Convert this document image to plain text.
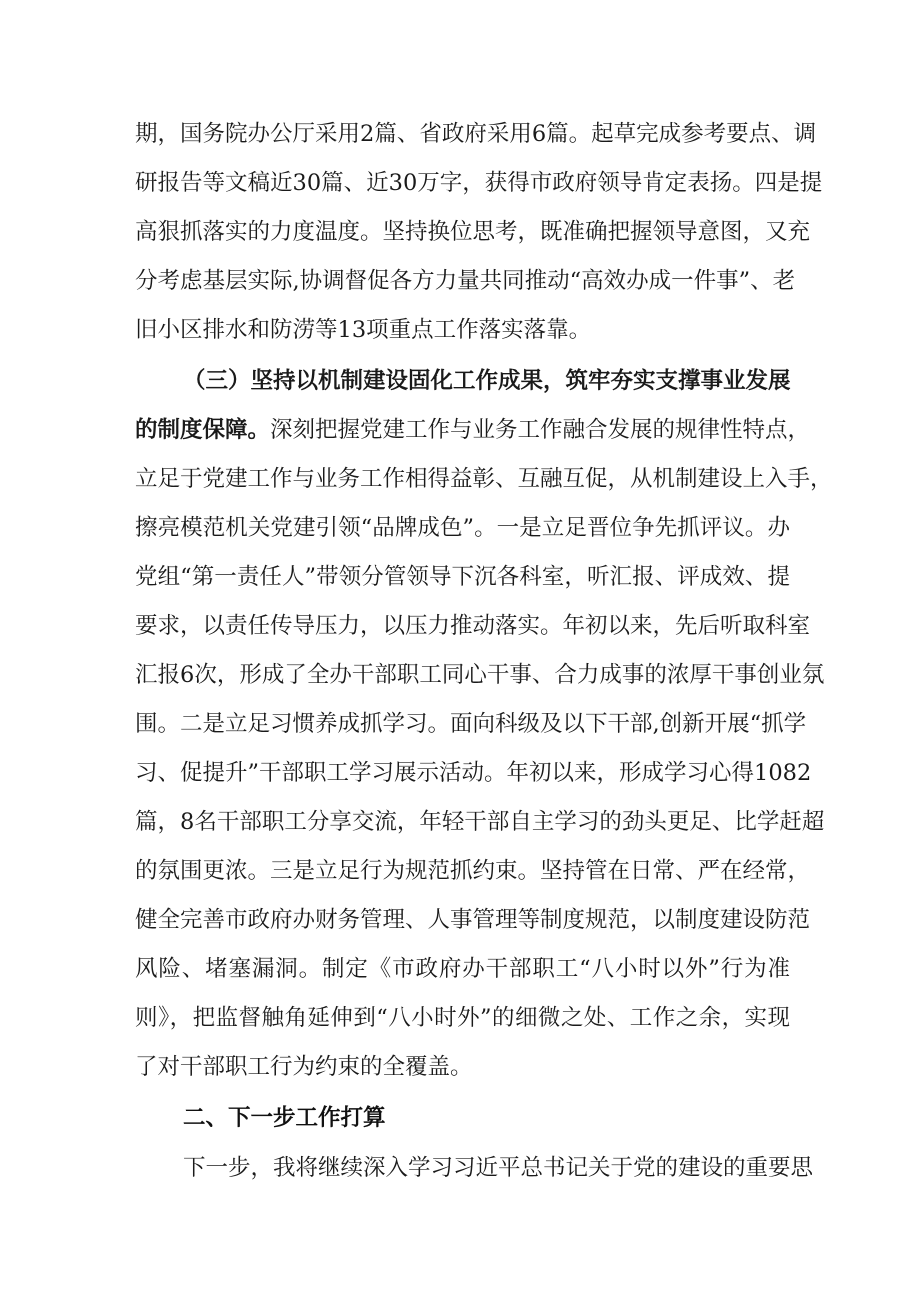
期，国务院办公厅采用2篇、省政府采用6篇。起草完成参考要点、调
研报告等文稿近30篇、近30万字，获得市政府领导肯定表扬。四是提
高狠抓落实的力度温度。坚持换位思考，既准确把握领导意图，又充
分考虑基层实际,协调督促各方力量共同推动“高效办成一件事”、老
旧小区排水和防涝等13项重点工作落实落靠。
（三）坚持以机制建设固化工作成果，筑牢夯实支撑事业发展
的制度保障。深刻把握党建工作与业务工作融合发展的规律性特点，
立足于党建工作与业务工作相得益彰、互融互促，从机制建设上入手，
擦亮模范机关党建引领“品牌成色”。一是立足晋位争先抓评议。办
党组“第一责任人”带领分管领导下沉各科室，听汇报、评成效、提
要求，以责任传导压力，以压力推动落实。年初以来，先后听取科室
汇报6次，形成了全办干部职工同心干事、合力成事的浓厚干事创业氛
围。二是立足习惯养成抓学习。面向科级及以下干部,创新开展“抓学
习、促提升”干部职工学习展示活动。年初以来，形成学习心得1082
篇，8名干部职工分享交流，年轻干部自主学习的劲头更足、比学赶超
的氛围更浓。三是立足行为规范抓约束。坚持管在日常、严在经常，
健全完善市政府办财务管理、人事管理等制度规范，以制度建设防范
风险、堵塞漏洞。制定《市政府办干部职工“八小时以外”行为准
则》，把监督触角延伸到“八小时外”的细微之处、工作之余，实现
了对干部职工行为约束的全覆盖。
二、下一步工作打算
下一步，我将继续深入学习习近平总书记关于党的建设的重要思
